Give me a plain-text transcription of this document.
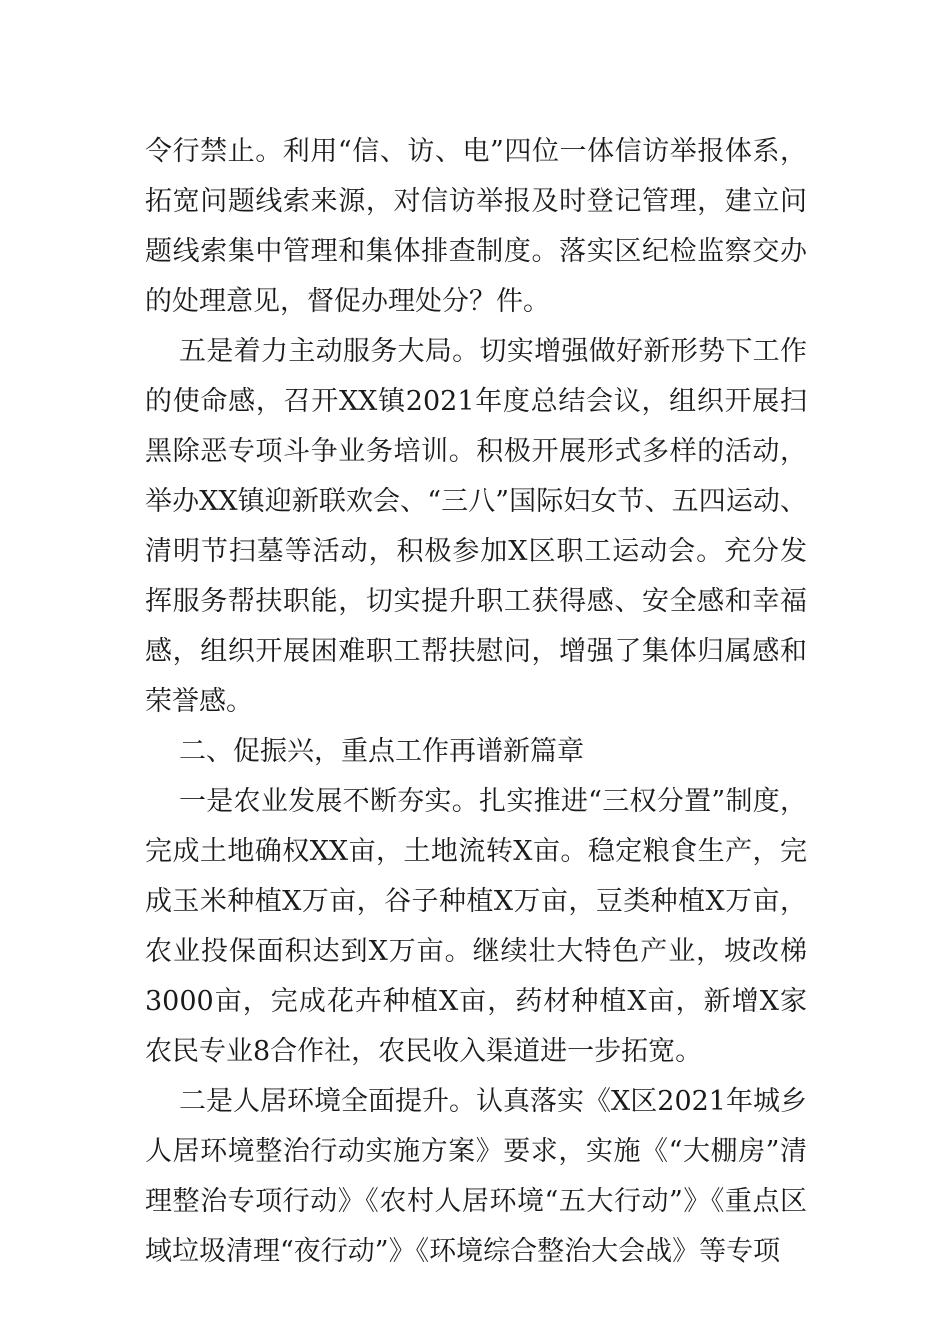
令行禁止。利用“信、访、电”四位一体信访举报体系，拓宽问题线索来源，对信访举报及时登记管理，建立问题线索集中管理和集体排查制度。落实区纪检监察交办的处理意见，督促办理处分？件。

五是着力主动服务大局。切实增强做好新形势下工作的使命感，召开XX镇2021年度总结会议，组织开展扫黑除恶专项斗争业务培训。积极开展形式多样的活动，举办XX镇迎新联欢会、“三八”国际妇女节、五四运动、清明节扫墓等活动，积极参加X区职工运动会。充分发挥服务帮扶职能，切实提升职工获得感、安全感和幸福感，组织开展困难职工帮扶慰问，增强了集体归属感和荣誉感。

二、促振兴，重点工作再谱新篇章

一是农业发展不断夯实。扎实推进“三权分置”制度，完成土地确权XX亩，土地流转X亩。稳定粮食生产，完成玉米种植X万亩，谷子种植X万亩，豆类种植X万亩，农业投保面积达到X万亩。继续壮大特色产业，坡改梯3000亩，完成花卉种植X亩，药材种植X亩，新增X家农民专业8合作社，农民收入渠道进一步拓宽。

二是人居环境全面提升。认真落实《X区2021年城乡人居环境整治行动实施方案》要求，实施《“大棚房”清理整治专项行动》《农村人居环境“五大行动”》《重点区域垃圾清理“夜行动”》《环境综合整治大会战》等专项
